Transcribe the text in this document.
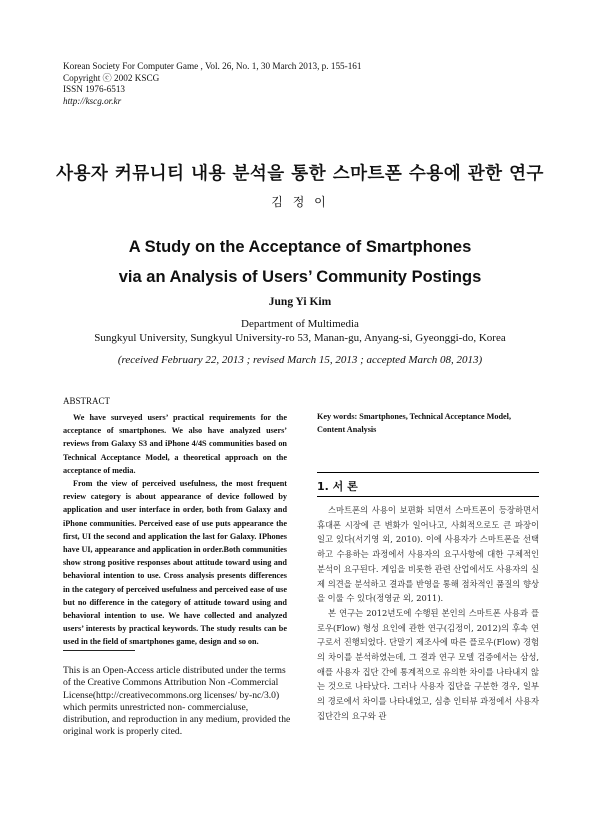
Korean Society For Computer Game , Vol. 26, No. 1, 30 March 2013, p. 155-161
Copyright ⓒ 2002 KSCG
ISSN 1976-6513
http://kscg.or.kr
사용자 커뮤니티 내용 분석을 통한 스마트폰 수용에 관한 연구
김 정 이
A Study on the Acceptance of Smartphones
via an Analysis of Users’ Community Postings
Jung Yi Kim
Department of Multimedia
Sungkyul University, Sungkyul University-ro 53, Manan-gu, Anyang-si, Gyeonggi-do, Korea
(received February 22, 2013 ; revised March 15, 2013 ; accepted March 08, 2013)
ABSTRACT

We have surveyed users’ practical requirements for the acceptance of smartphones. We also have analyzed users’ reviews from Galaxy S3 and iPhone 4/4S communities based on Technical Acceptance Model, a theoretical approach on the acceptance of media.

From the view of perceived usefulness, the most frequent review category is about appearance of device followed by application and user interface in order, both from Galaxy and iPhone communities. Perceived ease of use puts appearance the first, UI the second and application the last for Galaxy. IPhones have UI, appearance and application in order.Both communities show strong positive responses about attitude toward using and behavioral intention to use. Cross analysis presents differences in the category of perceived usefulness and perceived ease of use but no difference in the category of attitude toward using and behavioral intention to use. We have collected and analyzed users’ interests by practical keywords. The study results can be used in the field of smartphones game, design and so on.

This is an Open-Access article distributed under the terms of the Creative Commons Attribution Non -Commercial License(http://creativecommons.org licenses/ by-nc/3.0) which permits unrestricted non- commercialuse, distribution, and reproduction in any medium, provided the original work is properly cited.
Key words: Smartphones, Technical Acceptance Model, Content Analysis
1. 서 론

스마트폰의 사용이 보편화 되면서 스마트폰이 등장하면서 휴대폰 시장에 큰 변화가 일어나고, 사회적으로도 큰 파장이 일고 있다(서기영 외, 2010). 이에 사용자가 스마트폰을 선택하고 수용하는 과정에서 사용자의 요구사항에 대한 구체적인 분석이 요구된다. 게임을 비롯한 관련 산업에서도 사용자의 실제 의견을 분석하고 결과를 반영을 통해 점차적인 품질의 향상을 이룰 수 있다(정영균 외, 2011).

본 연구는 2012년도에 수행된 본인의 스마트폰 사용과 플로우(Flow) 형성 요인에 관한 연구(김정이, 2012)의 후속 연구로서 진행되었다. 단말기 제조사에 따른 플로우(Flow) 경험의 차이를 분석하였는데, 그 결과 연구 모델 검증에서는 삼성, 애플 사용자 집단 간에 통계적으로 유의한 차이를 나타내지 않는 것으로 나타났다. 그러나 사용자 집단을 구분한 경우, 일부의 경로에서 차이를 나타내었고, 심층 인터뷰 과정에서 사용자 집단간의 요구와 관
